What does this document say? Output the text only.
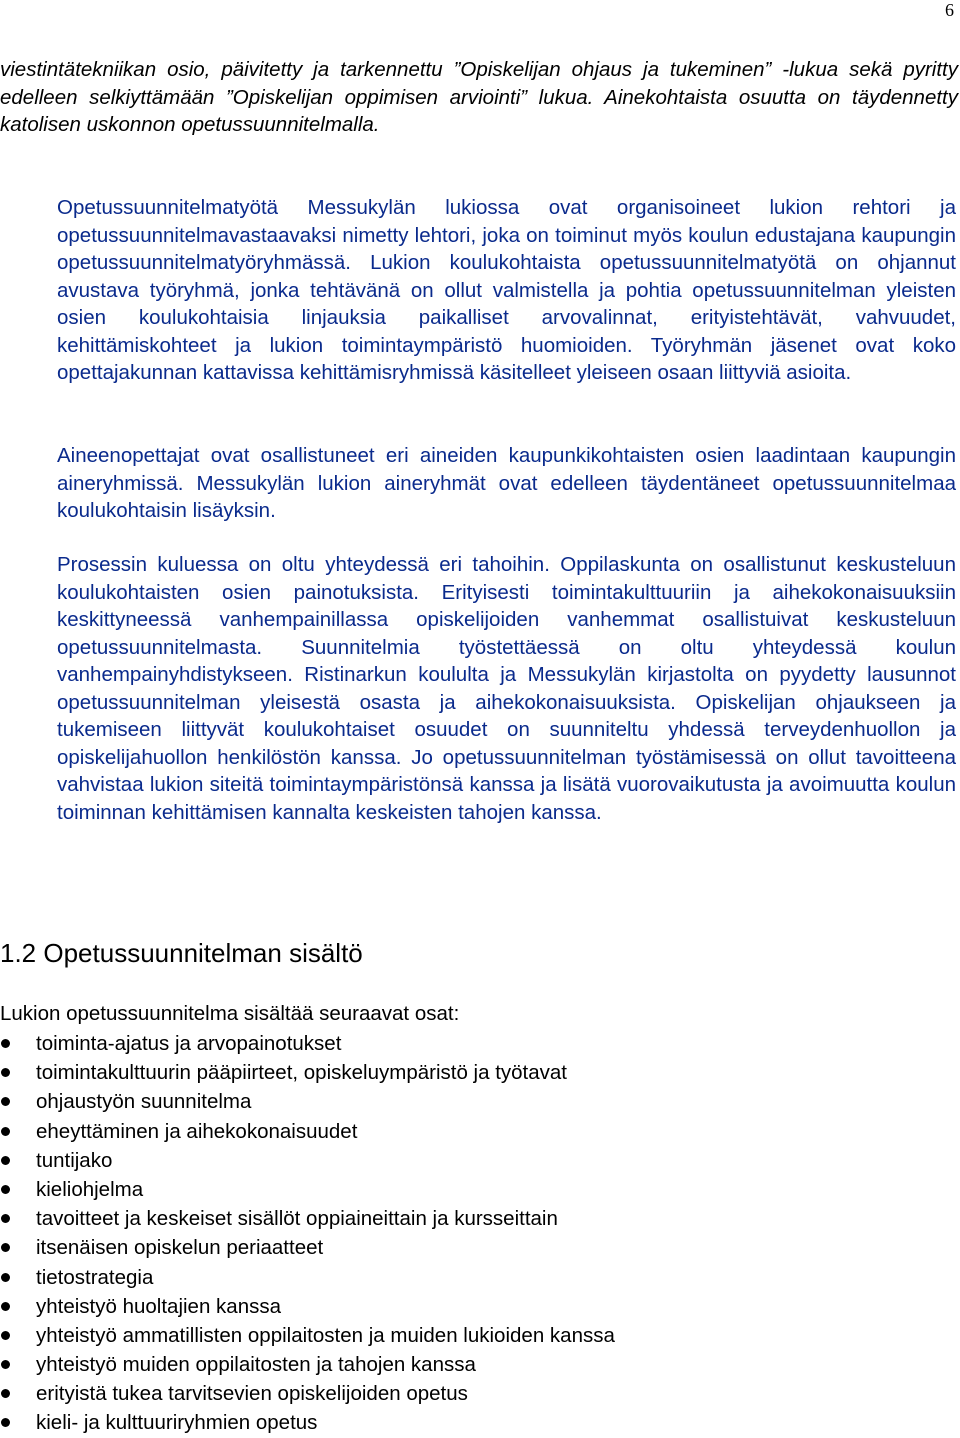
6

viestintätekniikan osio, päivitetty ja tarkennettu ”Opiskelijan ohjaus ja tukeminen” -lukua sekä pyritty edelleen selkiyttämään ”Opiskelijan oppimisen arviointi” lukua. Ainekohtaista osuutta on täydennetty katolisen uskonnon opetussuunnitelmalla.

Opetussuunnitelmatyötä Messukylän lukiossa ovat organisoineet lukion rehtori ja opetussuunnitelmavastaavaksi nimetty lehtori, joka on toiminut myös koulun edustajana kaupungin opetussuunnitelmatyöryhmässä. Lukion koulukohtaista opetussuunnitelmatyötä on ohjannut avustava työryhmä, jonka tehtävänä on ollut valmistella ja pohtia opetussuunnitelman yleisten osien koulukohtaisia linjauksia paikalliset arvovalinnat, erityistehtävät, vahvuudet, kehittämiskohteet ja lukion toimintaympäristö huomioiden. Työryhmän jäsenet ovat koko opettajakunnan kattavissa kehittämisryhmissä käsitelleet yleiseen osaan liittyviä asioita.

Aineenopettajat ovat osallistuneet eri aineiden kaupunkikohtaisten osien laadintaan kaupungin aineryhmissä. Messukylän lukion aineryhmät ovat edelleen täydentäneet opetussuunnitelmaa koulukohtaisin lisäyksin.

Prosessin kuluessa on oltu yhteydessä eri tahoihin. Oppilaskunta on osallistunut keskusteluun koulukohtaisten osien painotuksista. Erityisesti toimintakulttuuriin ja aihekokonaisuuksiin keskittyneessä vanhempainillassa opiskelijoiden vanhemmat osallistuivat keskusteluun opetussuunnitelmasta. Suunnitelmia työstettäessä on oltu yhteydessä koulun vanhempainyhdistykseen. Ristinarkun koululta ja Messukylän kirjastolta on pyydetty lausunnot opetussuunnitelman yleisestä osasta ja aihekokonaisuuksista. Opiskelijan ohjaukseen ja tukemiseen liittyvät koulukohtaiset osuudet on suunniteltu yhdessä terveydenhuollon ja opiskelijahuollon henkilöstön kanssa. Jo opetussuunnitelman työstämisessä on ollut tavoitteena vahvistaa lukion siteitä toimintaympäristönsä kanssa ja lisätä vuorovaikutusta ja avoimuutta koulun toiminnan kehittämisen kannalta keskeisten tahojen kanssa.

1.2 Opetussuunnitelman sisältö

Lukion opetussuunnitelma sisältää seuraavat osat:

toiminta-ajatus ja arvopainotukset
toimintakulttuurin pääpiirteet, opiskeluympäristö ja työtavat
ohjaustyön suunnitelma
eheyttäminen ja aihekokonaisuudet
tuntijako
kieliohjelma
tavoitteet ja keskeiset sisällöt oppiaineittain ja kursseittain
itsenäisen opiskelun periaatteet
tietostrategia
yhteistyö huoltajien kanssa
yhteistyö ammatillisten oppilaitosten ja muiden lukioiden kanssa
yhteistyö muiden oppilaitosten ja tahojen kanssa
erityistä tukea tarvitsevien opiskelijoiden opetus
kieli- ja kulttuuriryhmien opetus
